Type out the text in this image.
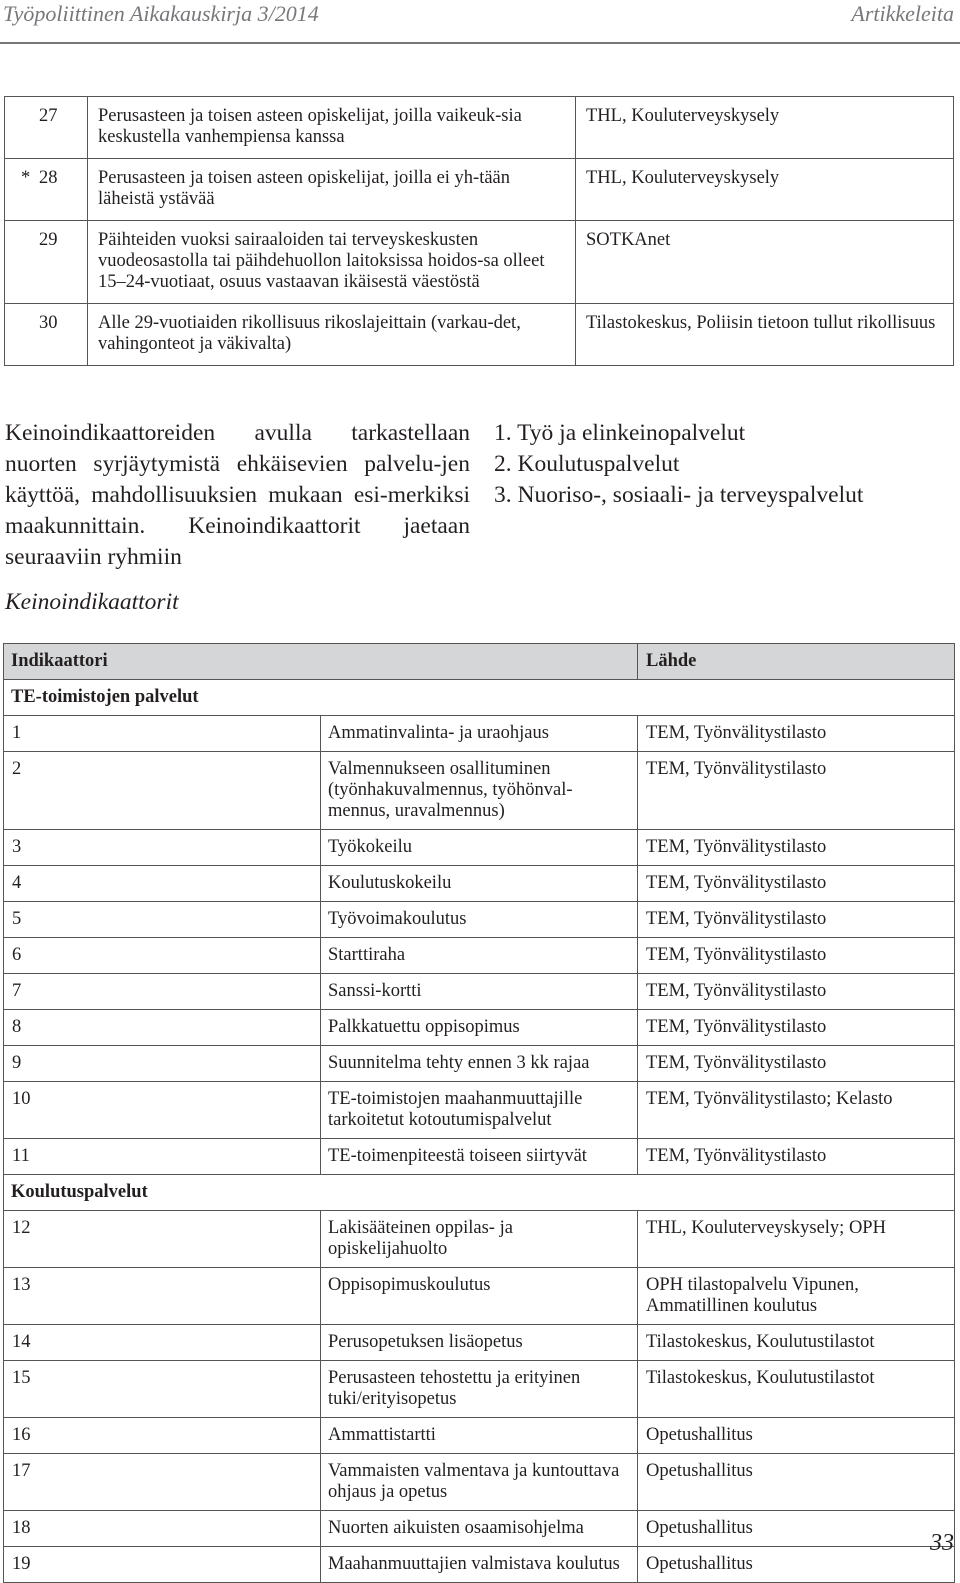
Työpoliittinen Aikakauskirja 3/2014	Artikkeleita
	27	Perusasteen ja toisen asteen opiskelijat, joilla vaikeuk-sia keskustella vanhempiensa kanssa	THL, Kouluterveyskysely
*	28	Perusasteen ja toisen asteen opiskelijat, joilla ei yh-tään läheistä ystävää	THL, Kouluterveyskysely
	29	Päihteiden vuoksi sairaaloiden tai terveyskeskusten vuodeosastolla tai päihdehuollon laitoksissa hoidos-sa olleet 15–24-vuotiaat, osuus vastaavan ikäisestä väestöstä	SOTKAnet
	30	Alle 29-vuotiaiden rikollisuus rikoslajeittain (varkau-det, vahingonteot ja väkivalta)	Tilastokeskus, Poliisin tietoon tullut rikollisuus
Keinoindikaattoreiden avulla tarkastellaan nuorten syrjäytymistä ehkäisevien palvelu-jen käyttöä, mahdollisuuksien mukaan esi-merkiksi maakunnittain. Keinoindikaattorit jaetaan seuraaviin ryhmiin
1. Työ ja elinkeinopalvelut
2. Koulutuspalvelut
3. Nuoriso-, sosiaali- ja terveyspalvelut
Keinoindikaattorit
Indikaattori		Lähde
TE-toimistojen palvelut		
1	Ammatinvalinta- ja uraohjaus	TEM, Työnvälitystilasto
2	Valmennukseen osallituminen (työnhakuvalmennus, työhönval-mennus, uravalmennus)	TEM, Työnvälitystilasto
3	Työkokeilu	TEM, Työnvälitystilasto
4	Koulutuskokeilu	TEM, Työnvälitystilasto
5	Työvoimakoulutus	TEM, Työnvälitystilasto
6	Starttiraha	TEM, Työnvälitystilasto
7	Sanssi-kortti	TEM, Työnvälitystilasto
8	Palkkatuettu oppisopimus	TEM, Työnvälitystilasto
9	Suunnitelma tehty ennen 3 kk rajaa	TEM, Työnvälitystilasto
10	TE-toimistojen maahanmuuttajille tarkoitetut kotoutumispalvelut	TEM, Työnvälitystilasto; Kelasto
11	TE-toimenpiteestä toiseen siirtyvät	TEM, Työnvälitystilasto
Koulutuspalvelut		
12	Lakisääteinen oppilas- ja opiskelijahuolto	THL, Kouluterveyskysely; OPH
13	Oppisopimuskoulutus	OPH tilastopalvelu Vipunen, Ammatillinen koulutus
14	Perusopetuksen lisäopetus	Tilastokeskus, Koulutustilastot
15	Perusasteen tehostettu ja erityinen tuki/erityisopetus	Tilastokeskus, Koulutustilastot
16	Ammattistartti	Opetushallitus
17	Vammaisten valmentava ja kuntouttava ohjaus ja opetus	Opetushallitus
18	Nuorten aikuisten osaamisohjelma	Opetushallitus
19	Maahanmuuttajien valmistava koulutus	Opetushallitus
33
